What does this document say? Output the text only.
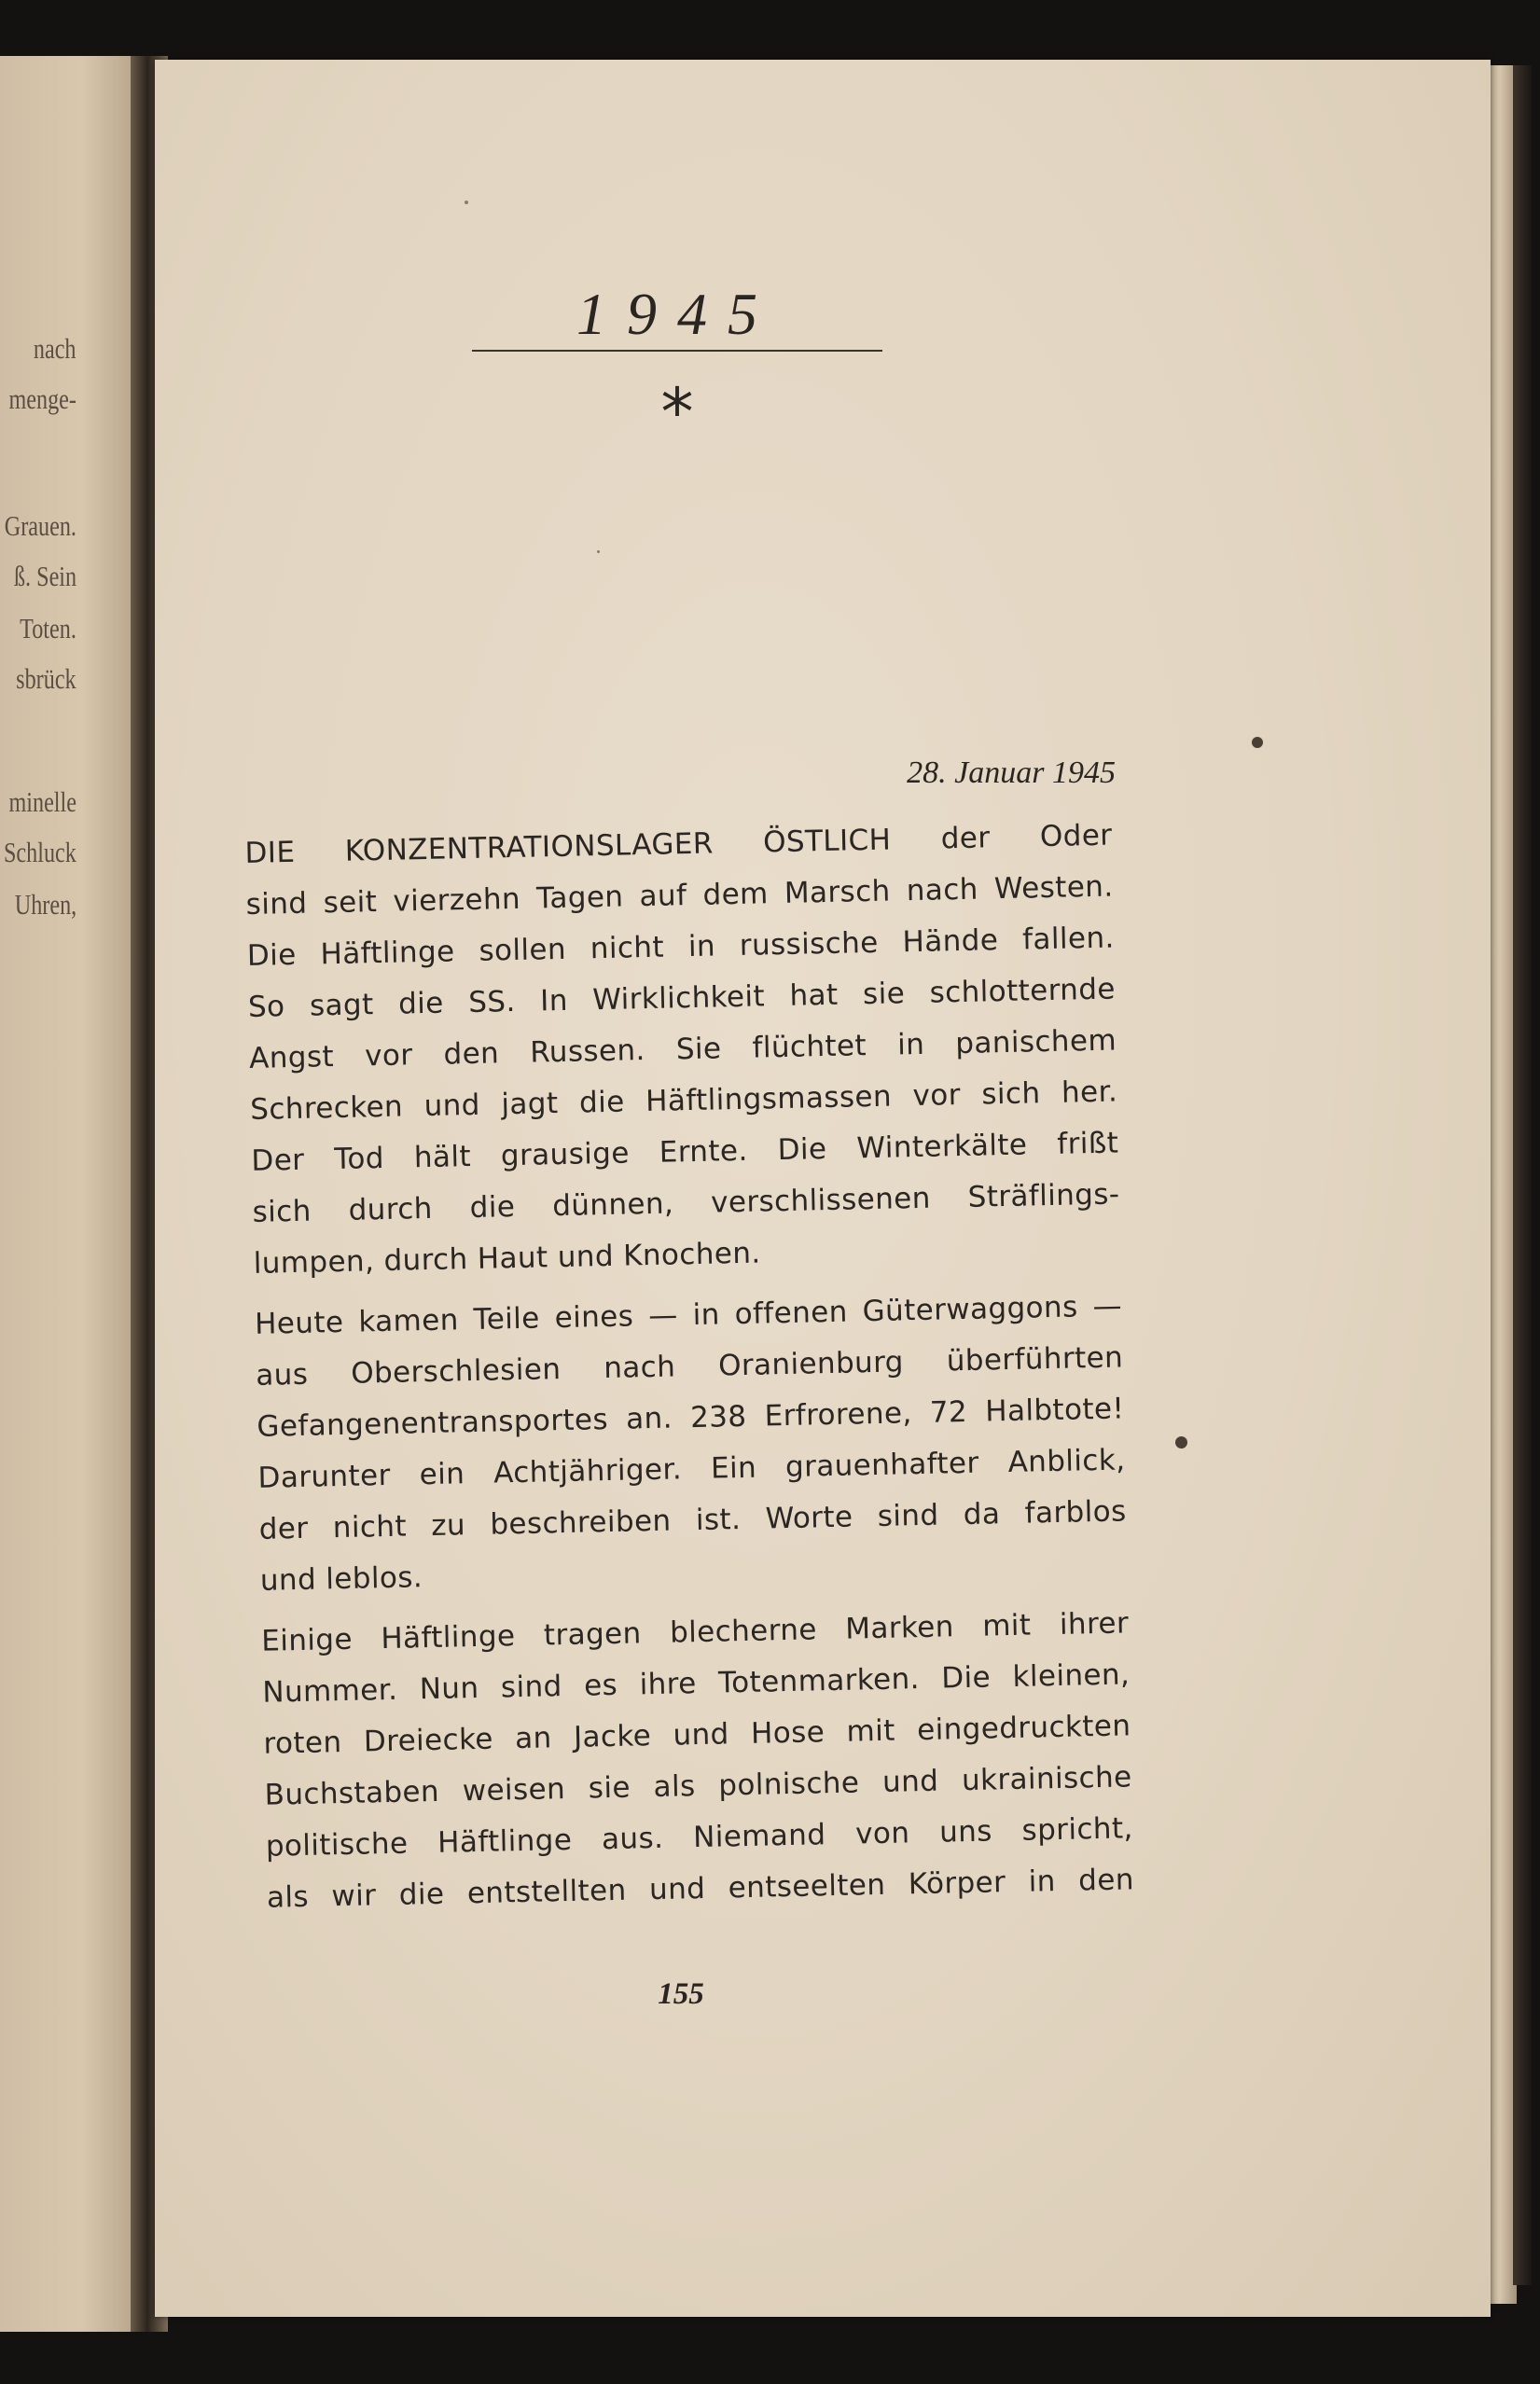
nach
menge-
Grauen.
ß. Sein
Toten.
sbrück
minelle
Schluck
Uhren,
1945
*
28. Januar 1945
DIE KONZENTRATIONSLAGER ÖSTLICH der Oder
sind seit vierzehn Tagen auf dem Marsch nach Westen.
Die Häftlinge sollen nicht in russische Hände fallen.
So sagt die SS. In Wirklichkeit hat sie schlotternde
Angst vor den Russen. Sie flüchtet in panischem
Schrecken und jagt die Häftlingsmassen vor sich her.
Der Tod hält grausige Ernte. Die Winterkälte frißt
sich durch die dünnen, verschlissenen Sträflings-
lumpen, durch Haut und Knochen.
Heute kamen Teile eines — in offenen Güterwaggons —
aus Oberschlesien nach Oranienburg überführten
Gefangenentransportes an. 238 Erfrorene, 72 Halbtote!
Darunter ein Achtjähriger. Ein grauenhafter Anblick,
der nicht zu beschreiben ist. Worte sind da farblos
und leblos.
Einige Häftlinge tragen blecherne Marken mit ihrer
Nummer. Nun sind es ihre Totenmarken. Die kleinen,
roten Dreiecke an Jacke und Hose mit eingedruckten
Buchstaben weisen sie als polnische und ukrainische
politische Häftlinge aus. Niemand von uns spricht,
als wir die entstellten und entseelten Körper in den
155
